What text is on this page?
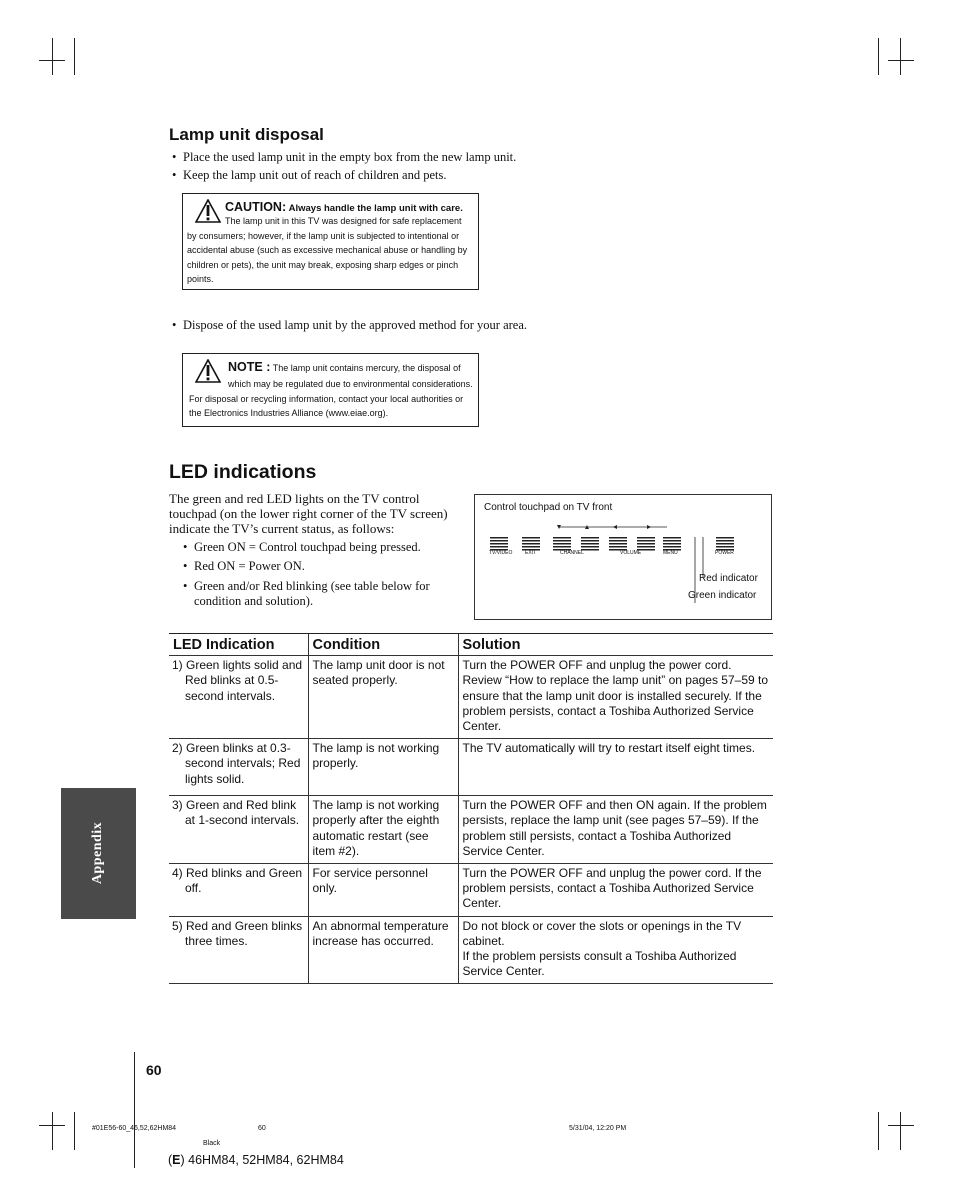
Lamp unit disposal
• Place the used lamp unit in the empty box from the new lamp unit.
• Keep the lamp unit out of reach of children and pets.
CAUTION: Always handle the lamp unit with care.
The lamp unit in this TV was designed for safe replacement
by consumers; however, if the lamp unit is subjected to intentional or accidental abuse (such as excessive mechanical abuse or handling by children or pets), the unit may break, exposing sharp edges or pinch points.
• Dispose of the used lamp unit by the approved method for your area.
NOTE : The lamp unit contains mercury, the disposal of
which may be regulated due to environmental considerations.
For disposal or recycling information, contact your local authorities or the Electronics Industries Alliance (www.eiae.org).
LED indications
The green and red LED lights on the TV control touchpad (on the lower right corner of the TV screen) indicate the TV’s current status, as follows:
• Green ON = Control touchpad being pressed.
• Red ON = Power ON.
• Green and/or Red blinking (see table below for condition and solution).
Control touchpad on TV front
TV/VIDEO	EXIT	CHANNEL	VOLUME	MENU	POWER
Red indicator
Green indicator
LED Indication	Condition	Solution

1) Green lights solid and Red blinks at 0.5-second intervals.	The lamp unit door is not seated properly.	Turn the POWER OFF and unplug the power cord. Review “How to replace the lamp unit” on pages 57–59 to ensure that the lamp unit door is installed securely. If the problem persists, contact a Toshiba Authorized Service Center.

2) Green blinks at 0.3-second intervals; Red lights solid.	The lamp is not working properly.	The TV automatically will try to restart itself eight times.

3) Green and Red blink at 1-second intervals.	The lamp is not working properly after the eighth automatic restart (see item #2).	Turn the POWER OFF and then ON again. If the problem persists, replace the lamp unit (see pages 57–59). If the problem still persists, contact a Toshiba Authorized Service Center.

4) Red blinks and Green off.	For service personnel only.	Turn the POWER OFF and unplug the power cord. If the problem persists, contact a Toshiba Authorized Service Center.

5) Red and Green blinks three times.	An abnormal temperature increase has occurred.	Do not block or cover the slots or openings in the TV cabinet.
If the problem persists consult a Toshiba Authorized Service Center.
Appendix
60
#01E56-60_46,52,62HM84	60	5/31/04, 12:20 PM
Black
(E) 46HM84, 52HM84, 62HM84
